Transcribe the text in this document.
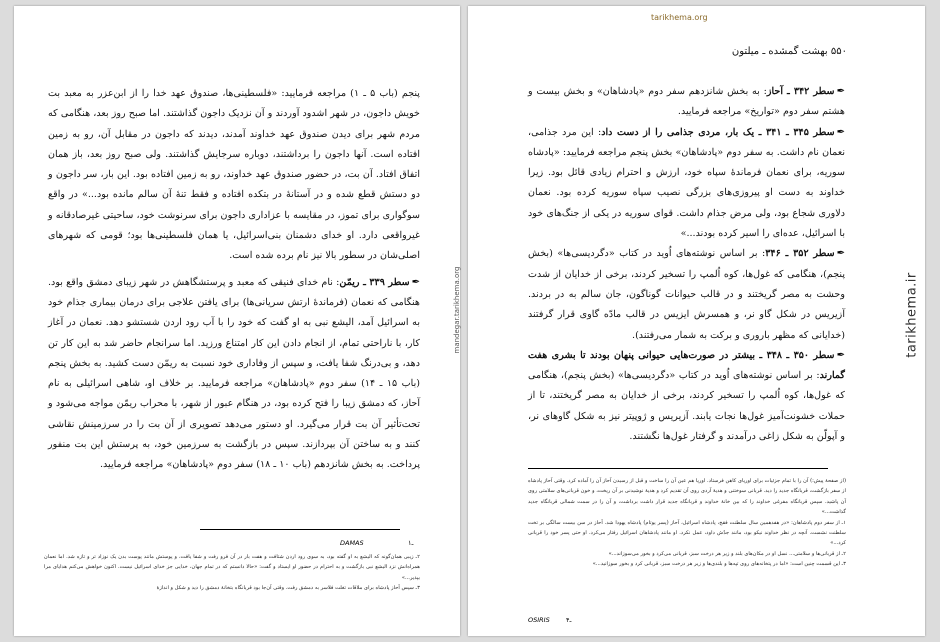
پنجم (باب ۵ ـ ۱) مراجعه فرمایید: «فلسطینی‌ها، صندوق عهد خدا را از ابن‌عزر به معبد بت خویش داجون، در شهر اشدود آوردند و آن نزدیک داجون گذاشتند. اما صبح روز بعد، هنگامی که مردم شهر برای دیدن صندوق عهد خداوند آمدند، دیدند که داجون در مقابل آن، رو به زمین افتاده است. آنها داجون را برداشتند، دوباره سرجایش گذاشتند. ولی صبح روز بعد، باز همان اتفاق افتاد. آن بت، در حضور صندوق عهد خداوند، رو به زمین افتاده بود. این بار، سر داجون و دو دستش قطع شده و در آستانهٔ در بتکده افتاده و فقط تنهٔ آن سالم مانده بود...» در واقع سوگواری برای تموز، در مقایسه با عزاداری داجون برای سرنوشت خود، ساحیتی غیرصادقانه و غیرواقعی دارد. او خدای دشمنان بنی‌اسرائیل، یا همان فلسطینی‌ها بود؛ قومی که شهرهای اصلی‌شان در سطور بالا نیز نام برده شده است.

✒سطر ۳۳۹ ـ ریمّن: نام خدای فنیقی که معبد و پرستشگاهش در شهر زیبای دمشق واقع بود. هنگامی که نعمان (فرماندهٔ ارتش سریانی‌ها) برای یافتن علاجی برای درمان بیماری جذام خود به اسرائیل آمد، الیشع نبی به او گفت که خود را با آب رود اردن شستشو دهد. نعمان در آغاز کار، با ناراحتی تمام، از انجام دادن این کار امتناع ورزید. اما سرانجام حاضر شد به این کار تن دهد، و بی‌درنگ شفا یافت، و سپس از وفاداری خود نسبت به ریمّن دست کشید. به بخش پنجم (باب ۱۵ ـ ۱۴) سفر دوم «پادشاهان» مراجعه فرمایید. بر خلاف او، شاهی اسرائیلی به نام آحاز، که دمشق زیبا را فتح کرده بود، در هنگام عبور از شهر، با محراب ریمّن مواجه می‌شود و تحت‌تأثیر آن بت قرار می‌گیرد. او دستور می‌دهد تصویری از آن بت را در سرزمینش نقاشی کنند و به ساختن آن بپردازند. سپس در بازگشت به سرزمین خود، به پرستش این بت منفور پرداخت. به بخش شانزدهم (باب ۱۰ ـ ۱۸) سفر دوم «پادشاهان» مراجعه فرمایید.

DAMAS	۱ـ

۲ـ زیبی همان‌گونه که الیشع به او گفته بود، به سوی رود اردن شتافت و هفت بار در آن فرو رفت و شفا یافت، و پوستش مانند پوست بدن یک نوزاد تر و تازه شد. اما نعمان همراه‌انش نزد الیشع نبی بازگشت و به احترام در حضور او ایستاد و گفت: «حالا دانستم که در تمام جهان، خدایی جز خدای اسرائیل نیست. اکنون خواهش می‌کنم هدایای مرا بپذیر...»

۳ـ سپس آحاز پادشاه برای ملاقات تغلت فلاسر به دمشق رفت. وقتی آن‌جا بود قربانگاه بتخانهٔ دمشق را دید و شکل و اندازهٔ

mandegar.tarikhema.org
tarikhema.org
۵۵۰ بهشت گمشده ـ میلتون

✒سطر ۳۴۲ ـ آحاز: به بخش شانزدهم سفر دوم «پادشاهان» و بخش بیست و هشتم سفر دوم «تواریخ» مراجعه فرمایید.

✒سطر ۳۴۵ ـ ۳۴۱ ـ یک بار، مردی جذامی را از دست داد: این مرد جذامی، نعمان نام داشت. به سفر دوم «پادشاهان» بخش پنجم مراجعه فرمایید: «پادشاه سوریه، برای نعمان فرماندهٔ سپاه خود، ارزش و احترام زیادی قائل بود. زیرا خداوند به دست او پیروزی‌های بزرگی نصیب سپاه سوریه کرده بود. نعمان دلاوری شجاع بود، ولی مرض جذام داشت. قوای سوریه در یکی از جنگ‌های خود با اسرائیل، عده‌ای را اسیر کرده بودند...»

✒سطر ۳۵۲ ـ ۳۴۶: بر اساس نوشته‌های اُوید در کتاب «دگردیسی‌ها» (بخش پنجم)، هنگامی که غول‌ها، کوه اُلمپ را تسخیر کردند، برخی از خدایان از شدت وحشت به مصر گریختند و در قالب حیوانات گوناگون، جان سالم به در بردند. آزیریس در شکل گاو نر، و همسرش ایزیس در قالب مادّه گاوی قرار گرفتند (خدایانی که مظهر باروری و برکت به شمار می‌رفتند).

✒سطر ۳۵۰ ـ ۳۴۸ ـ بیشتر در صورت‌هایی حیوانی پنهان بودند تا بشری هفت گمارند: بر اساس نوشته‌های اُوید در کتاب «دگردیسی‌ها» (بخش پنجم)، هنگامی که غول‌ها، کوه اُلمپ را تسخیر کردند، برخی از خدایان به مصر گریختند، تا از حملات خشونت‌آمیز غول‌ها نجات یابند. آزیریس و ژوپیتر نیز به شکل گاوهای نر، و آپولّن به شکل زاغی درآمدند و گرفتار غول‌ها نگشتند.

(از صفحهٔ پیش:) آن را با تمام جزئیات برای اوریای کاهن فرستاد. اوریا هم عین آن را ساخت و قبل از رسیدن آحاز آن را آماده کرد. وقتی آحاز پادشاه از سفر بازگشت، قربانگاه جدید را دید. قربانی سوختنی و هدیهٔ آردی روی آن تقدیم کرد و هدیهٔ نوشیدنی بر آن ریخت، و خون قربانی‌های سلامتی روی آن پاشید. سپس قربانگاه مفرغی خداوند را که بین خانهٔ خداوند و قربانگاه جدید قرار داشت برداشت، و آن را در سمت شمالی قربانگاه جدید گذاشت...»

۱ـ از سفر دوم پادشاهان: «در هفدهمین سال سلطنت فقح، پادشاه اسرائیل، آحاز (پسر یوتام) پادشاه یهودا شد. آحاز در سن بیست سالگی بر تخت سلطنت نشست. آنچه در نظر خداوند نیکو بود، مانند جدّش داود، عمل نکرد. او مانند پادشاهان اسرائیل رفتار می‌کرد. او حتی پسر خود را قربانی کرد...»

۲ـ از قربانی‌ها و سلامتی... نسل او در مکان‌های بلند و زیر هر درخت سبز، قربانی می‌کرد و بخور می‌سوزاند...»

۳ـ این قسمت چنین است: «اما در پتخانه‌های روی تپه‌ها و بلندی‌ها و زیر هر درخت سبز، قربانی کرد و بخور سوزانید...»

OSIRIS	۴ـ
tarikhema.ir
